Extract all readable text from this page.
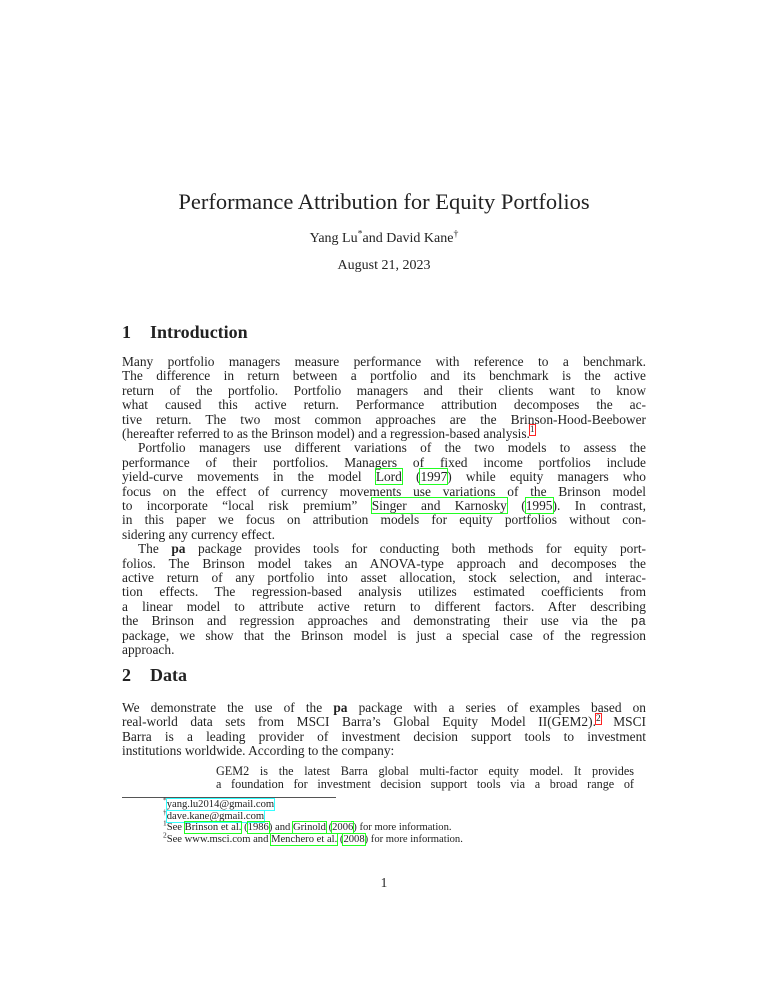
Performance Attribution for Equity Portfolios
Yang Lu*and David Kane†
August 21, 2023
1 Introduction
Many portfolio managers measure performance with reference to a benchmark.
The difference in return between a portfolio and its benchmark is the active
return of the portfolio. Portfolio managers and their clients want to know
what caused this active return. Performance attribution decomposes the ac-
tive return. The two most common approaches are the Brinson-Hood-Beebower
(hereafter referred to as the Brinson model) and a regression-based analysis.$^1$
Portfolio managers use different variations of the two models to assess the
performance of their portfolios. Managers of fixed income portfolios include
yield-curve movements in the model Lord (1997) while equity managers who
focus on the effect of currency movements use variations of the Brinson model
to incorporate “local risk premium” Singer and Karnosky (1995). In contrast,
in this paper we focus on attribution models for equity portfolios without con-
sidering any currency effect.
The pa package provides tools for conducting both methods for equity port-
folios. The Brinson model takes an ANOVA-type approach and decomposes the
active return of any portfolio into asset allocation, stock selection, and interac-
tion effects. The regression-based analysis utilizes estimated coefficients from
a linear model to attribute active return to different factors. After describing
the Brinson and regression approaches and demonstrating their use via the pa
package, we show that the Brinson model is just a special case of the regression
approach.
2 Data
We demonstrate the use of the pa package with a series of examples based on
real-world data sets from MSCI Barra’s Global Equity Model II(GEM2).$^2$ MSCI
Barra is a leading provider of investment decision support tools to investment
institutions worldwide. According to the company:
GEM2 is the latest Barra global multi-factor equity model. It provides
a foundation for investment decision support tools via a broad range of
*yang.lu2014@gmail.com
†dave.kane@gmail.com
$^1$See Brinson et al. (1986) and Grinold (2006) for more information.
$^2$See www.msci.com and Menchero et al. (2008) for more information.
1
